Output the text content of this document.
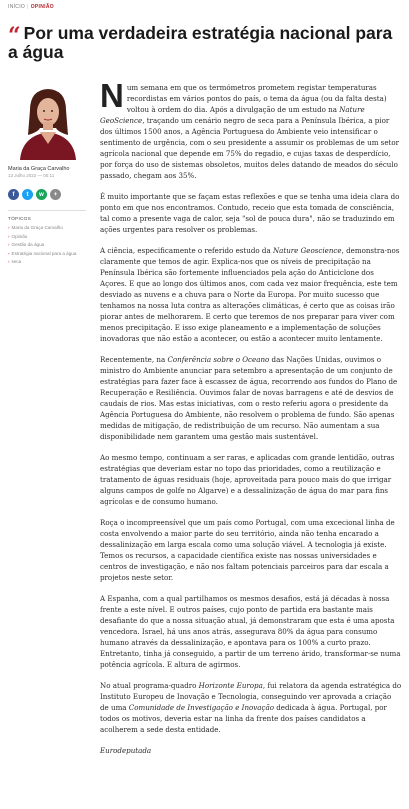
INÍCIO | OPINIÃO
“ Por uma verdadeira estratégia nacional para a água
Maria da Graça Carvalho
13 Julho 2022 — 00:11
f	t	w	+
TÓPICOS
› Maria da Graça Carvalho
› Opinião
› Gestão da água
› Estratégia nacional para a água
› seca

Num semana em que os termómetros prometem registar temperaturas recordistas em vários pontos do país, o tema da água (ou da falta desta) voltou à ordem do dia. Após a divulgação de um estudo na Nature GeoScience, traçando um cenário negro de seca para a Península Ibérica, a pior dos últimos 1500 anos, a Agência Portuguesa do Ambiente veio intensificar o sentimento de urgência, com o seu presidente a assumir os problemas de um setor agrícola nacional que depende em 75% do regadio, e cujas taxas de desperdício, por força do uso de sistemas obsoletos, muitos deles datando de meados do século passado, chegam aos 35%.

É muito importante que se façam estas reflexões e que se tenha uma ideia clara do ponto em que nos encontramos. Contudo, receio que esta tomada de consciência, tal como a presente vaga de calor, seja "sol de pouca dura", não se traduzindo em ações urgentes para resolver os problemas.

A ciência, especificamente o referido estudo da Nature Geoscience, demonstra-nos claramente que temos de agir. Explica-nos que os níveis de precipitação na Península Ibérica são fortemente influenciados pela ação do Anticiclone dos Açores. E que ao longo dos últimos anos, com cada vez maior frequência, este tem desviado as nuvens e a chuva para o Norte da Europa. Por muito sucesso que tenhamos na nossa luta contra as alterações climáticas, é certo que as coisas irão piorar antes de melhorarem. E certo que teremos de nos preparar para viver com menos precipitação. E isso exige planeamento e a implementação de soluções inovadoras que não estão a acontecer, ou estão a acontecer muito lentamente.

Recentemente, na Conferência sobre o Oceano das Nações Unidas, ouvimos o ministro do Ambiente anunciar para setembro a apresentação de um conjunto de estratégias para fazer face à escassez de água, recorrendo aos fundos do Plano de Recuperação e Resiliência. Ouvimos falar de novas barragens e até de desvios de caudais de rios. Mas estas iniciativas, com o resto referiu agora o presidente da Agência Portuguesa do Ambiente, não resolvem o problema de fundo. São apenas medidas de mitigação, de redistribuição de um recurso. Não aumentam a sua disponibilidade nem garantem uma gestão mais sustentável.

Ao mesmo tempo, continuam a ser raras, e aplicadas com grande lentidão, outras estratégias que deveriam estar no topo das prioridades, como a reutilização e tratamento de águas residuais (hoje, aproveitada para pouco mais do que irrigar alguns campos de golfe no Algarve) e a dessalinização de água do mar para fins agrícolas e de consumo humano.

Roça o incompreensível que um país como Portugal, com uma excecional linha de costa envolvendo a maior parte do seu território, ainda não tenha encarado a dessalinização em larga escala como uma solução viável. A tecnologia já existe. Temos os recursos, a capacidade científica existe nas nossas universidades e centros de investigação, e não nos faltam potenciais parceiros para dar escala a projetos neste setor.

A Espanha, com a qual partilhamos os mesmos desafios, está já décadas à nossa frente a este nível. E outros países, cujo ponto de partida era bastante mais desafiante do que a nossa situação atual, já demonstraram que esta é uma aposta vencedora. Israel, há uns anos atrás, assegurava 80% da água para consumo humano através da dessalinização, e apontava para os 100% a curto prazo. Entretanto, tinha já conseguido, a partir de um terreno árido, transformar-se numa potência agrícola. E altura de agirmos.

No atual programa-quadro Horizonte Europa, fui relatora da agenda estratégica do Instituto Europeu de Inovação e Tecnologia, conseguindo ver aprovada a criação de uma Comunidade de Investigação e Inovação dedicada à água. Portugal, por todos os motivos, deveria estar na linha da frente dos países candidatos a acolherem a sede desta entidade.

Eurodeputada
